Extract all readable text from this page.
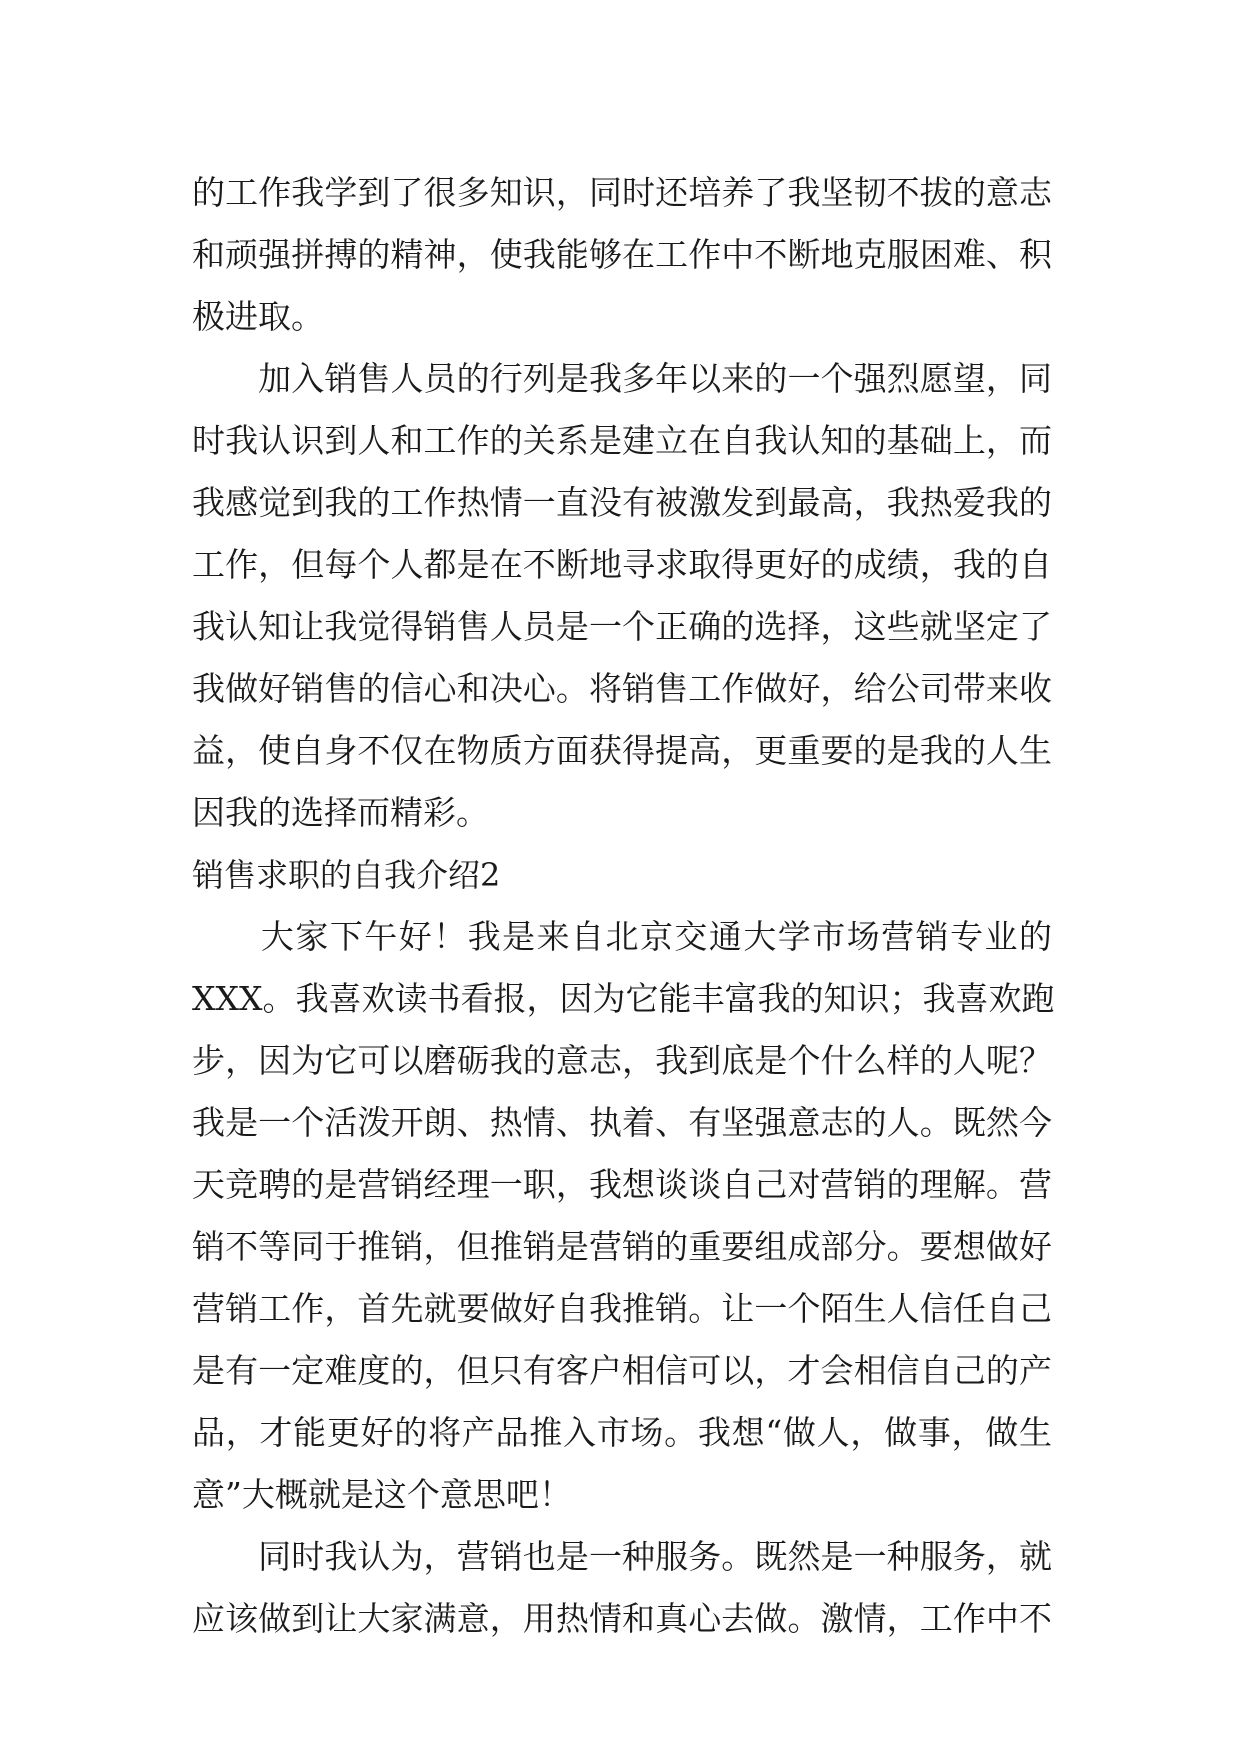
的工作我学到了很多知识，同时还培养了我坚韧不拔的意志
和顽强拼搏的精神，使我能够在工作中不断地克服困难、积
极进取。
　　加入销售人员的行列是我多年以来的一个强烈愿望，同
时我认识到人和工作的关系是建立在自我认知的基础上，而
我感觉到我的工作热情一直没有被激发到最高，我热爱我的
工作，但每个人都是在不断地寻求取得更好的成绩，我的自
我认知让我觉得销售人员是一个正确的选择，这些就坚定了
我做好销售的信心和决心。将销售工作做好，给公司带来收
益，使自身不仅在物质方面获得提高，更重要的是我的人生
因我的选择而精彩。
销售求职的自我介绍2
　　大家下午好！我是来自北京交通大学市场营销专业的
XXX。我喜欢读书看报，因为它能丰富我的知识；我喜欢跑
步，因为它可以磨砺我的意志，我到底是个什么样的人呢？
我是一个活泼开朗、热情、执着、有坚强意志的人。既然今
天竞聘的是营销经理一职，我想谈谈自己对营销的理解。营
销不等同于推销，但推销是营销的重要组成部分。要想做好
营销工作，首先就要做好自我推销。让一个陌生人信任自己
是有一定难度的，但只有客户相信可以，才会相信自己的产
品，才能更好的将产品推入市场。我想“做人，做事，做生
意”大概就是这个意思吧！
　　同时我认为，营销也是一种服务。既然是一种服务，就
应该做到让大家满意，用热情和真心去做。激情，工作中不
